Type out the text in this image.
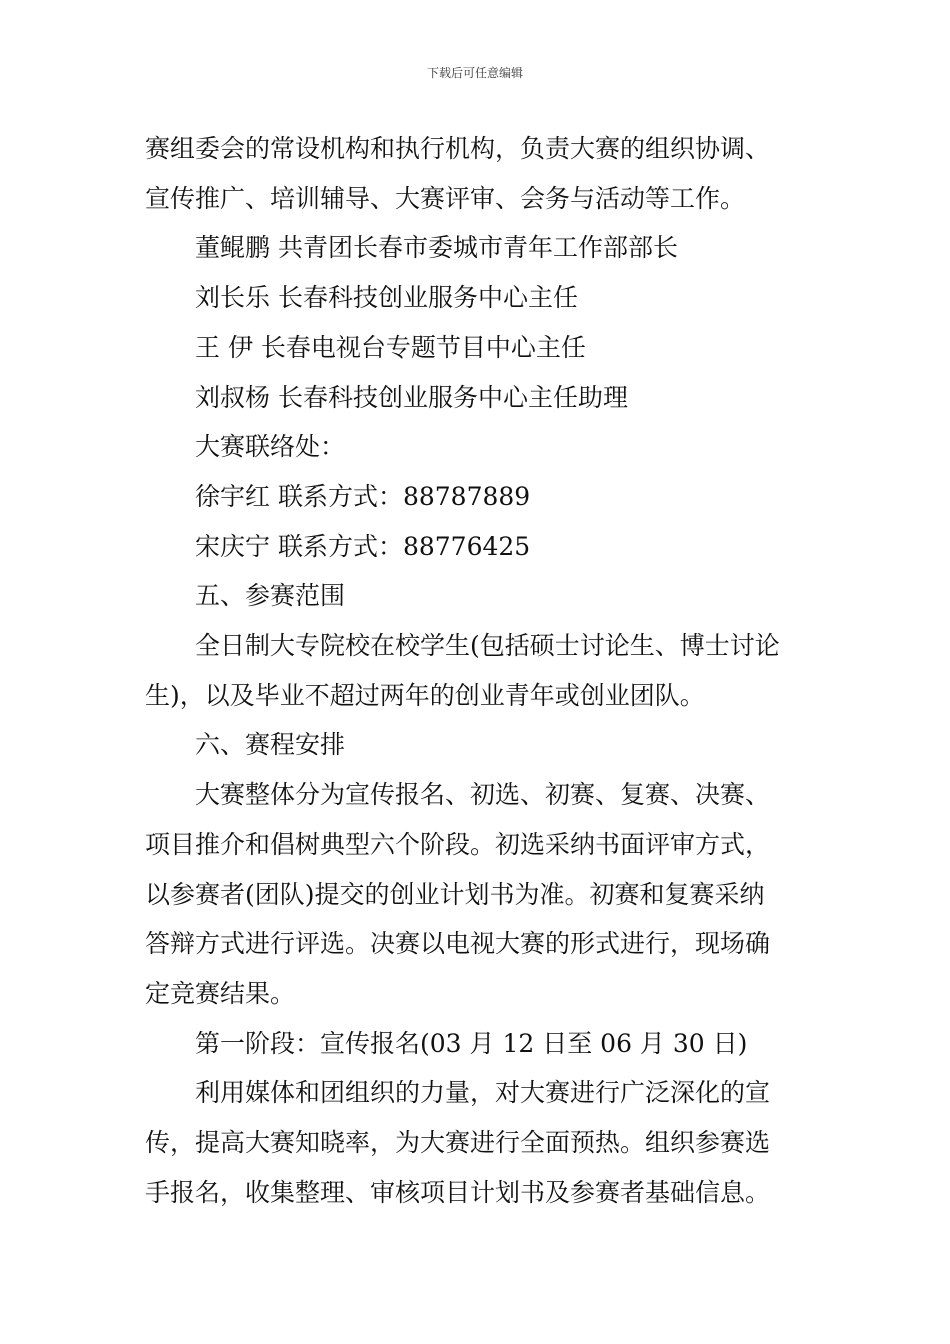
下载后可任意编辑

赛组委会的常设机构和执行机构，负责大赛的组织协调、

宣传推广、培训辅导、大赛评审、会务与活动等工作。

董鲲鹏 共青团长春市委城市青年工作部部长

刘长乐 长春科技创业服务中心主任

王 伊 长春电视台专题节目中心主任

刘叔杨 长春科技创业服务中心主任助理

大赛联络处：

徐宇红 联系方式：88787889

宋庆宁 联系方式：88776425

五、参赛范围

全日制大专院校在校学生(包括硕士讨论生、博士讨论

生)，以及毕业不超过两年的创业青年或创业团队。

六、赛程安排

大赛整体分为宣传报名、初选、初赛、复赛、决赛、

项目推介和倡树典型六个阶段。初选采纳书面评审方式，

以参赛者(团队)提交的创业计划书为准。初赛和复赛采纳

答辩方式进行评选。决赛以电视大赛的形式进行，现场确

定竞赛结果。

第一阶段：宣传报名(03 月 12 日至 06 月 30 日)

利用媒体和团组织的力量，对大赛进行广泛深化的宣

传，提高大赛知晓率，为大赛进行全面预热。组织参赛选

手报名，收集整理、审核项目计划书及参赛者基础信息。
